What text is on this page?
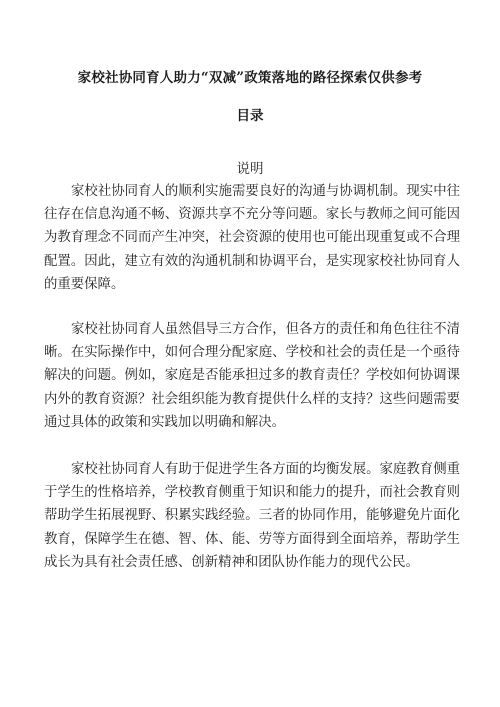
家校社协同育人助力“双减”政策落地的路径探索仅供参考
目录
说明

家校社协同育人的顺利实施需要良好的沟通与协调机制。现实中往往存在信息沟通不畅、资源共享不充分等问题。家长与教师之间可能因为教育理念不同而产生冲突，社会资源的使用也可能出现重复或不合理配置。因此，建立有效的沟通机制和协调平台，是实现家校社协同育人的重要保障。

家校社协同育人虽然倡导三方合作，但各方的责任和角色往往不清晰。在实际操作中，如何合理分配家庭、学校和社会的责任是一个亟待解决的问题。例如，家庭是否能承担过多的教育责任？学校如何协调课内外的教育资源？社会组织能为教育提供什么样的支持？这些问题需要通过具体的政策和实践加以明确和解决。

家校社协同育人有助于促进学生各方面的均衡发展。家庭教育侧重于学生的性格培养，学校教育侧重于知识和能力的提升，而社会教育则帮助学生拓展视野、积累实践经验。三者的协同作用，能够避免片面化教育，保障学生在德、智、体、能、劳等方面得到全面培养，帮助学生成长为具有社会责任感、创新精神和团队协作能力的现代公民。
